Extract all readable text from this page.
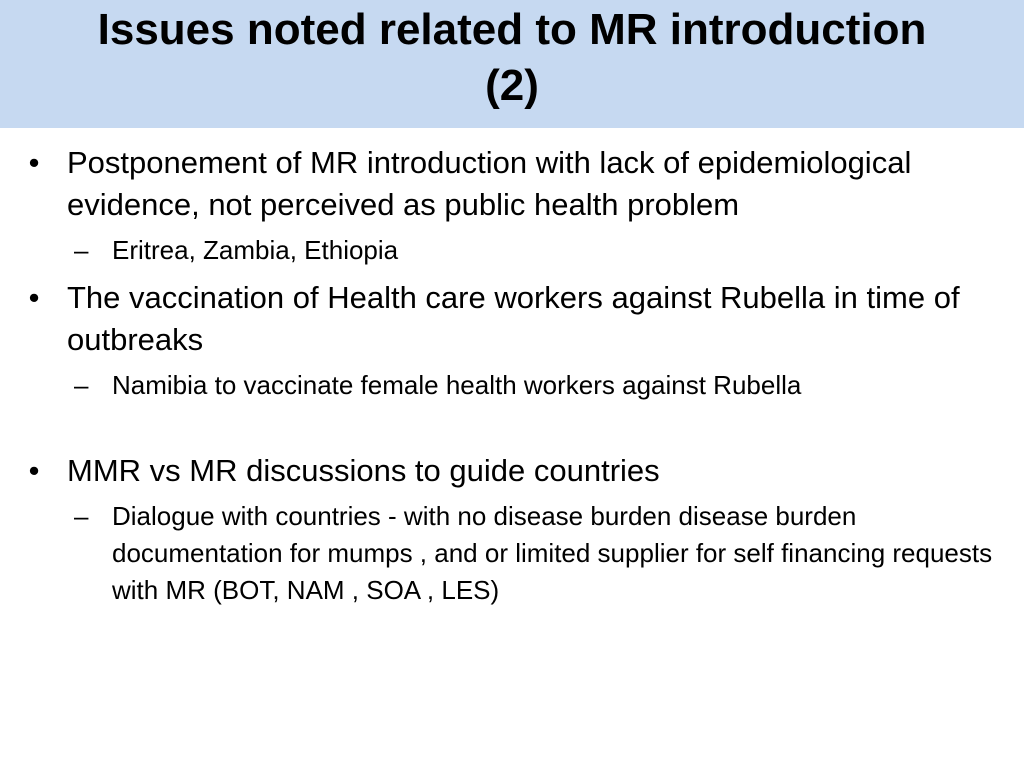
Issues noted related to MR introduction
(2)
• Postponement of MR introduction with lack of epidemiological evidence, not perceived as public health problem
– Eritrea, Zambia, Ethiopia
• The vaccination of Health care workers against Rubella in time of outbreaks
– Namibia to vaccinate female health workers against Rubella
• MMR vs MR discussions to guide countries
– Dialogue with countries - with no disease burden disease burden documentation for mumps , and or limited supplier for self financing requests with MR (BOT, NAM , SOA , LES)
